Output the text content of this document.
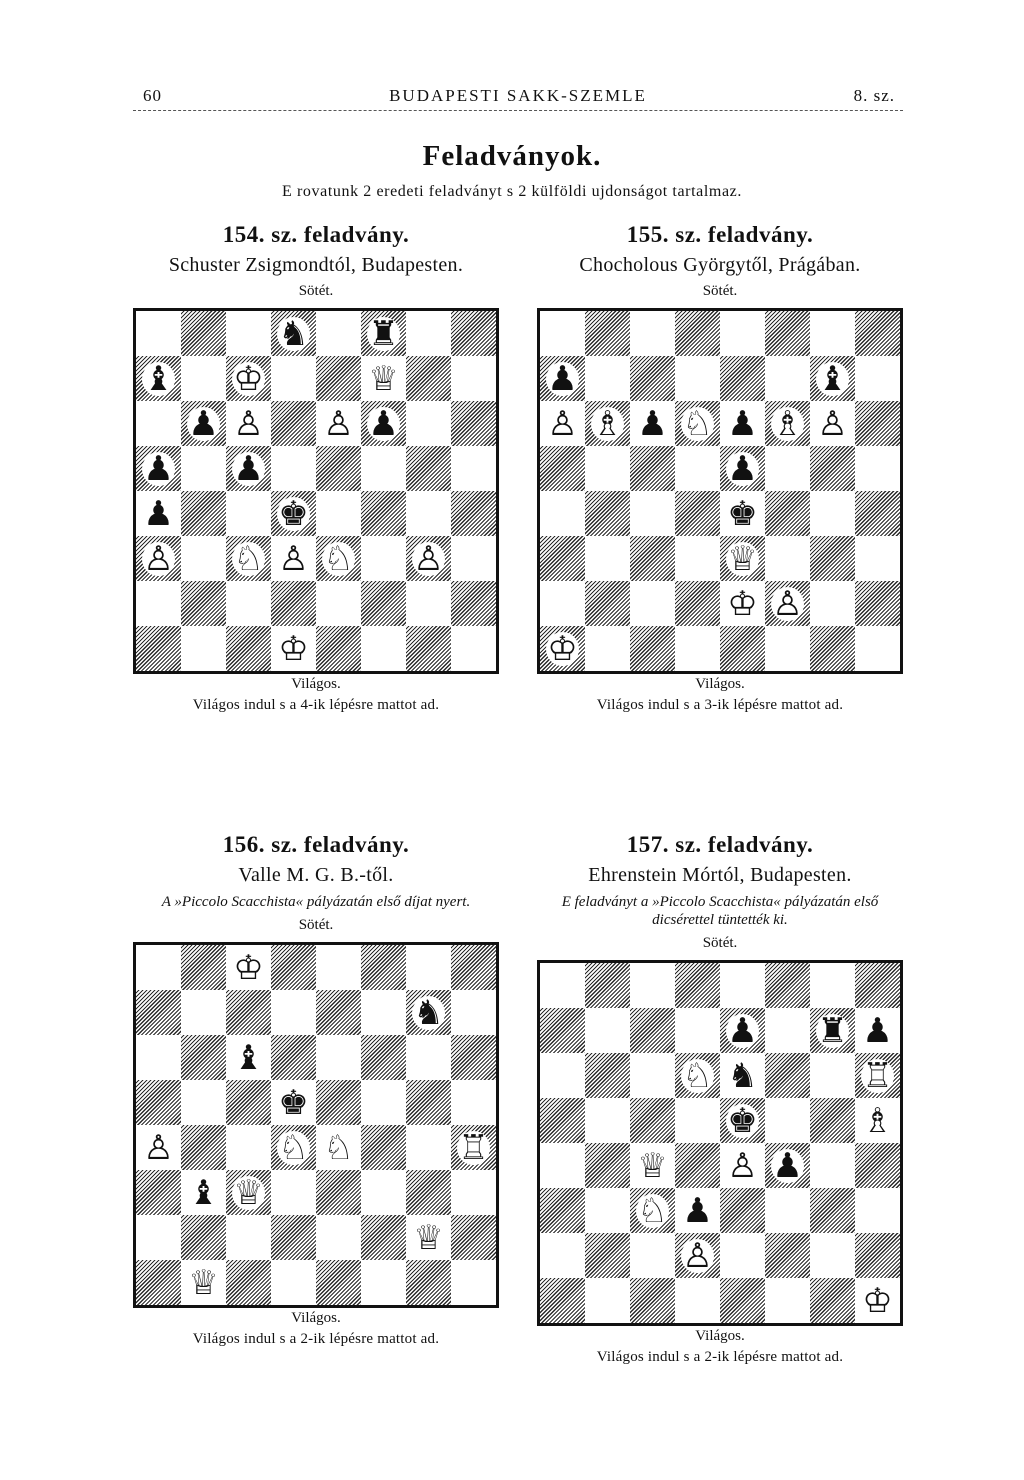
60	BUDAPESTI SAKK-SZEMLE	8. sz.
Feladványok.
E rovatunk 2 eredeti feladványt s 2 külföldi ujdonságot tartalmaz.
154. sz. feladvány.
Schuster Zsigmondtól, Budapesten.
Sötét.
♞ ♜
♝ ♔	♕
♟ ♙ ♙ ♟
♟ ♟
♟	♚
♙ ♘ ♙ ♘ ♙
♔
Világos.
Világos indul s a 4-ik lépésre mattot ad.
155. sz. feladvány.
Chocholous Györgytől, Prágában.
Sötét.
♟	♝
♙ ♗ ♟ ♘ ♟ ♗ ♙
♟
♚
♕
♔ ♙
♔
Világos.
Világos indul s a 3-ik lépésre mattot ad.
156. sz. feladvány.
Valle M. G. B.-től.
A »Piccolo Scacchista« pályázatán első díjat nyert.
Sötét.
♔
♞
♝
♚
♙	♘ ♘	♖
♝ ♕
♕
♕
Világos.
Világos indul s a 2-ik lépésre mattot ad.
157. sz. feladvány.
Ehrenstein Mórtól, Budapesten.
E feladványt a »Piccolo Scacchista« pályázatán első dicsérettel tüntették ki.
Sötét.
♟ ♜ ♟
♘ ♞	♖
♚	♗
♕ ♙ ♟
♘ ♟
♙
♔
Világos.
Világos indul s a 2-ik lépésre mattot ad.
